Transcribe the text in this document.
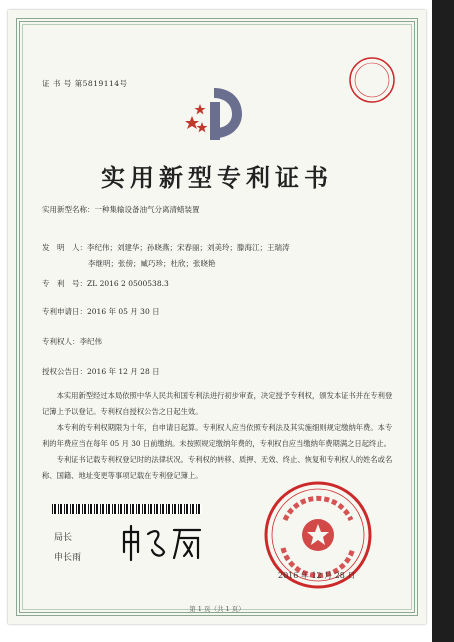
证 书 号 第5819114号
实用新型专利证书
实用新型名称：一种集输设备油气分离清蜡装置
发　明　人：李纪伟；刘建华；孙晓燕；宋春丽；刘美玲；滕海江；王瑞涛
李继明；张傍；臧巧珍；杜欣；张晓艳
专　利　号：ZL 2016 2 0500538.3
专利申请日：2016 年 05 月 30 日
专利权人：李纪伟
授权公告日：2016 年 12 月 28 日

本实用新型经过本局依照中华人民共和国专利法进行初步审查，决定授予专利权，颁发本证书并在专利登记簿上予以登记。专利权自授权公告之日起生效。

本专利的专利权期限为十年，自申请日起算。专利权人应当依照专利法及其实施细则规定缴纳年费。本专利的年费应当在每年 05 月 30 日前缴纳。未按照规定缴纳年费的，专利权自应当缴纳年费期满之日起终止。

专利证书记载专利权登记时的法律状况。专利权的转移、质押、无效、终止、恢复和专利权人的姓名或名称、国籍、地址变更等事项记载在专利登记簿上。

局长
申长雨
2016 年 12 月 28 日
第 1 页（共 1 页）
